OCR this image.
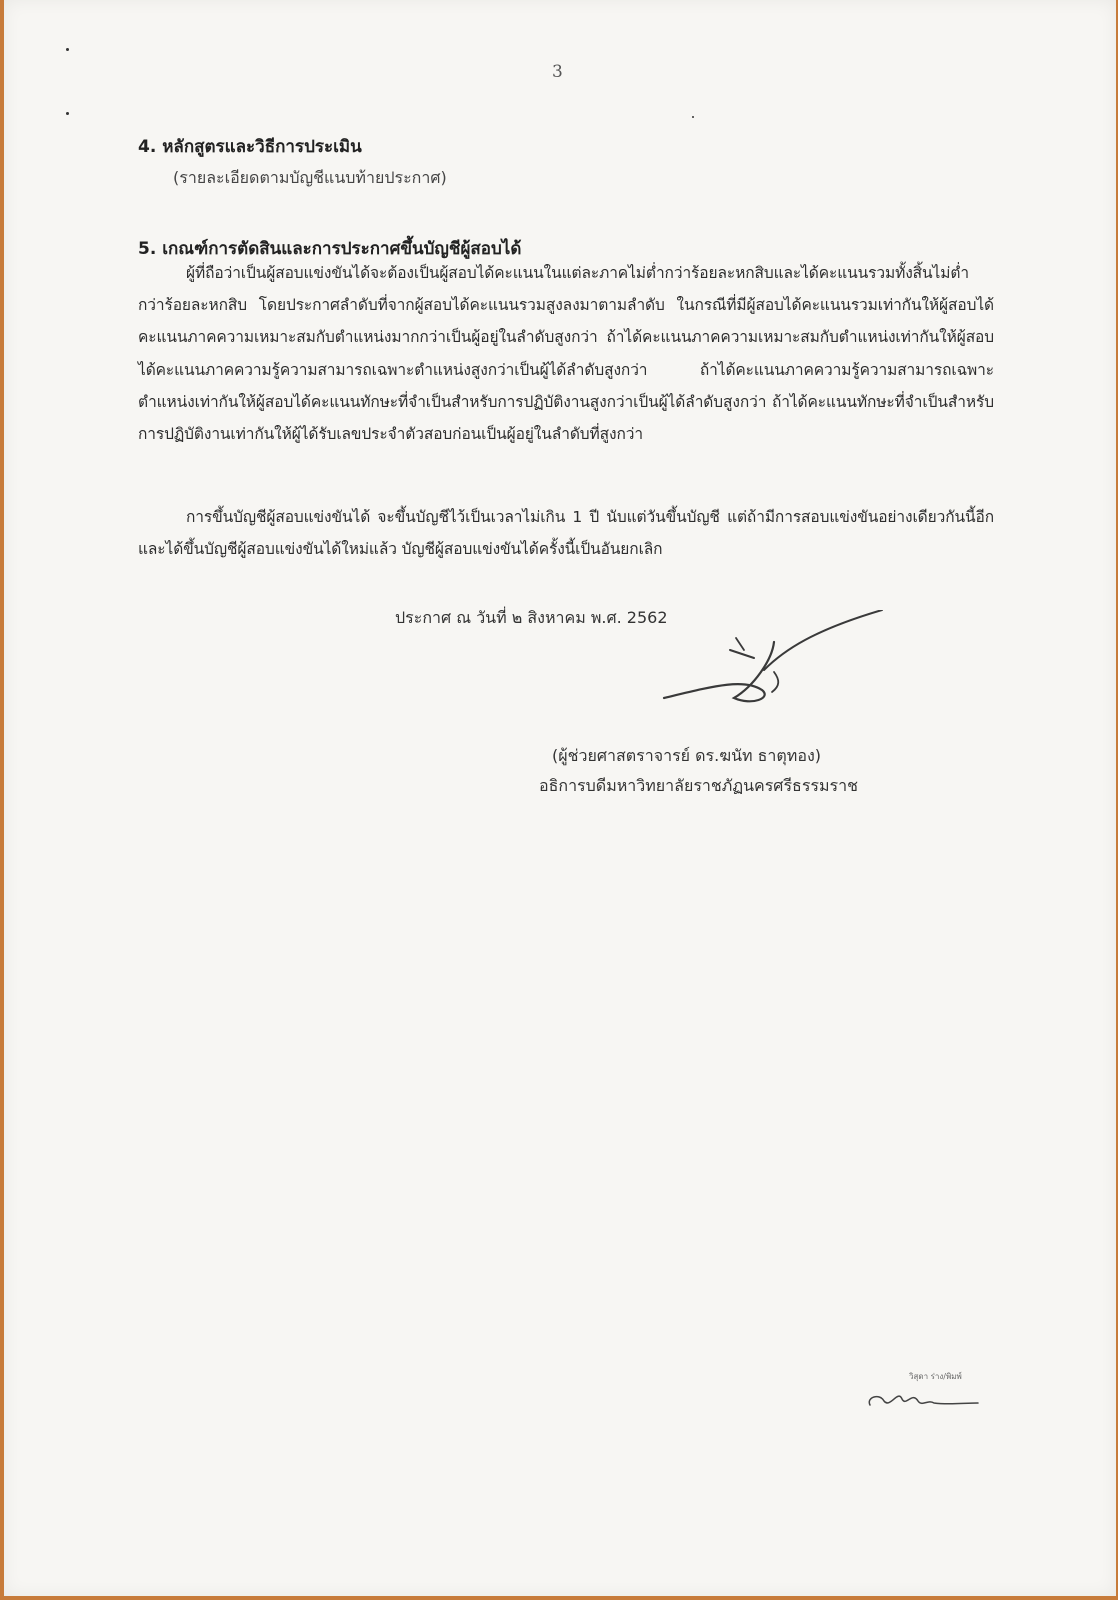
3
4. หลักสูตรและวิธีการประเมิน
(รายละเอียดตามบัญชีแนบท้ายประกาศ)
5. เกณฑ์การตัดสินและการประกาศขึ้นบัญชีผู้สอบได้

ผู้ที่ถือว่าเป็นผู้สอบแข่งขันได้จะต้องเป็นผู้สอบได้คะแนนในแต่ละภาคไม่ต่ำกว่าร้อยละหกสิบและได้คะแนนรวมทั้งสิ้นไม่ต่ำกว่าร้อยละหกสิบ โดยประกาศลำดับที่จากผู้สอบได้คะแนนรวมสูงลงมาตามลำดับ ในกรณีที่มีผู้สอบได้คะแนนรวมเท่ากันให้ผู้สอบได้คะแนนภาคความเหมาะสมกับตำแหน่งมากกว่าเป็นผู้อยู่ในลำดับสูงกว่า ถ้าได้คะแนนภาคความเหมาะสมกับตำแหน่งเท่ากันให้ผู้สอบได้คะแนนภาคความรู้ความสามารถเฉพาะตำแหน่งสูงกว่าเป็นผู้ได้ลำดับสูงกว่า ถ้าได้คะแนนภาคความรู้ความสามารถเฉพาะตำแหน่งเท่ากันให้ผู้สอบได้คะแนนทักษะที่จำเป็นสำหรับการปฏิบัติงานสูงกว่าเป็นผู้ได้ลำดับสูงกว่า ถ้าได้คะแนนทักษะที่จำเป็นสำหรับการปฏิบัติงานเท่ากันให้ผู้ได้รับเลขประจำตัวสอบก่อนเป็นผู้อยู่ในลำดับที่สูงกว่า

การขึ้นบัญชีผู้สอบแข่งขันได้ จะขึ้นบัญชีไว้เป็นเวลาไม่เกิน 1 ปี นับแต่วันขึ้นบัญชี แต่ถ้ามีการสอบแข่งขันอย่างเดียวกันนี้อีกและได้ขึ้นบัญชีผู้สอบแข่งขันได้ใหม่แล้ว บัญชีผู้สอบแข่งขันได้ครั้งนี้เป็นอันยกเลิก

ประกาศ ณ วันที่ ๒ สิงหาคม พ.ศ. 2562
(ผู้ช่วยศาสตราจารย์ ดร.ฆนัท ธาตุทอง)
อธิการบดีมหาวิทยาลัยราชภัฏนครศรีธรรมราช
วิสุดา ร่าง/พิมพ์
